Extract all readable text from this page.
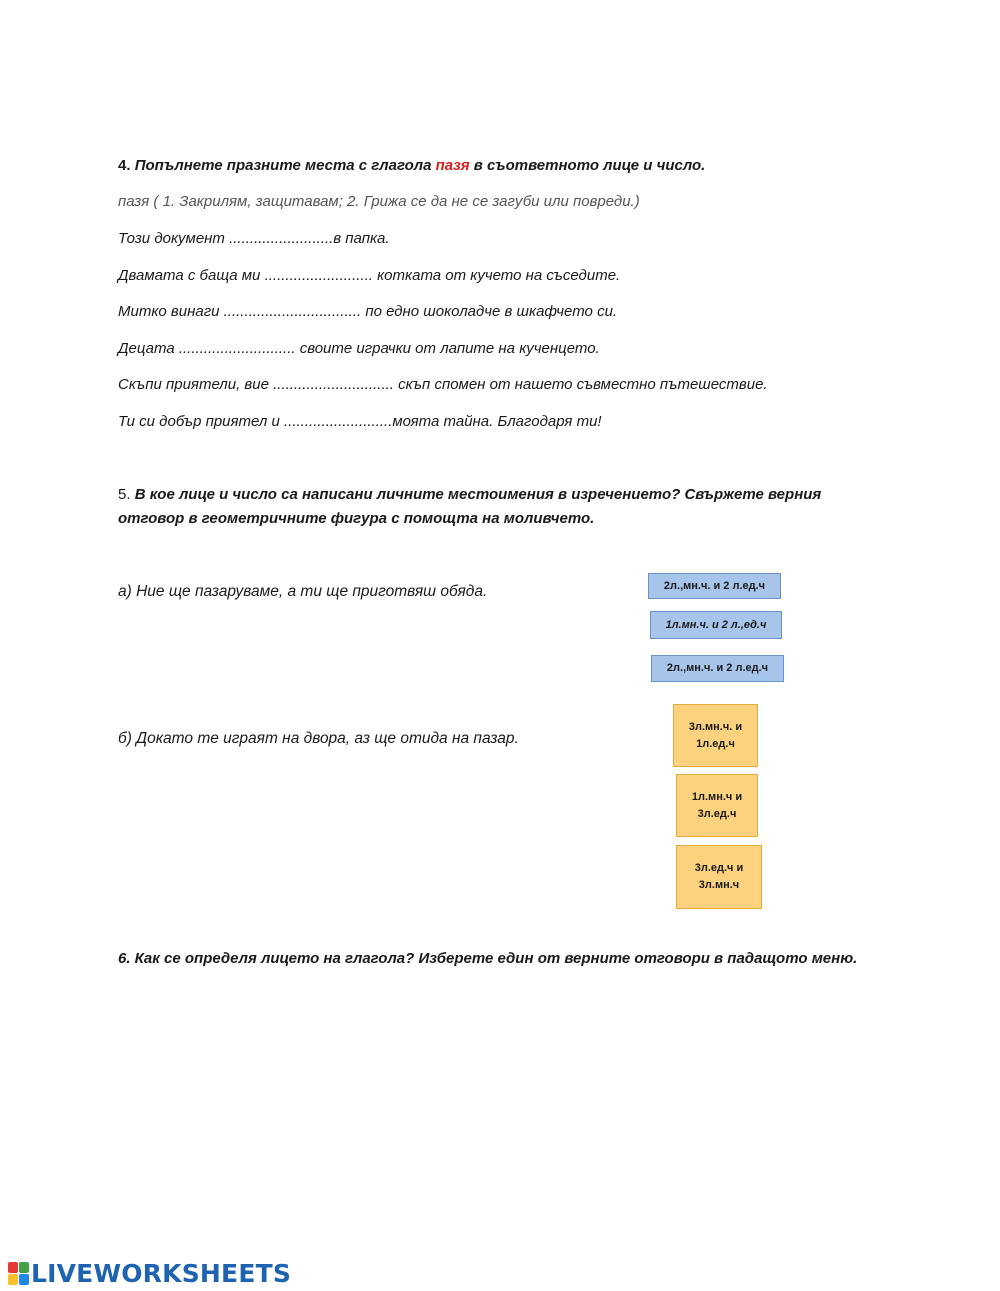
4. Попълнете празните места с глагола пазя в съответното лице и число.
пазя ( 1. Закрилям, защитавам; 2. Грижа се да не се загуби или повреди.)
Този документ .........................в папка.
Двамата с баща ми .......................... котката от кучето на съседите.
Митко винаги ................................. по едно шоколадче в шкафчето си.
Децата ............................ своите играчки от лапите на кученцето.
Скъпи приятели, вие ............................. скъп спомен от нашето съвместно пътешествие.
Ти си добър приятел и ..........................моята тайна. Благодаря ти!
5. В кое лице и число са написани личните местоимения в изречението? Свържете верния отговор в геометричните фигура с помощта на моливчето.
а) Ние ще пазаруваме, а ти ще приготвяш обяда.
б) Докато те играят на двора, аз ще отида на пазар.
2л.,мн.ч. и 2 л.ед.ч
1л.мн.ч. и 2 л.,ед.ч
2л.,мн.ч. и 2 л.ед.ч
3л.мн.ч. и 1л.ед.ч
1л.мн.ч и 3л.ед.ч
3л.ед.ч и 3л.мн.ч
6. Как се определя лицето на глагола? Изберете един от верните отговори в падащото меню.
LIVEWORKSHEETS
